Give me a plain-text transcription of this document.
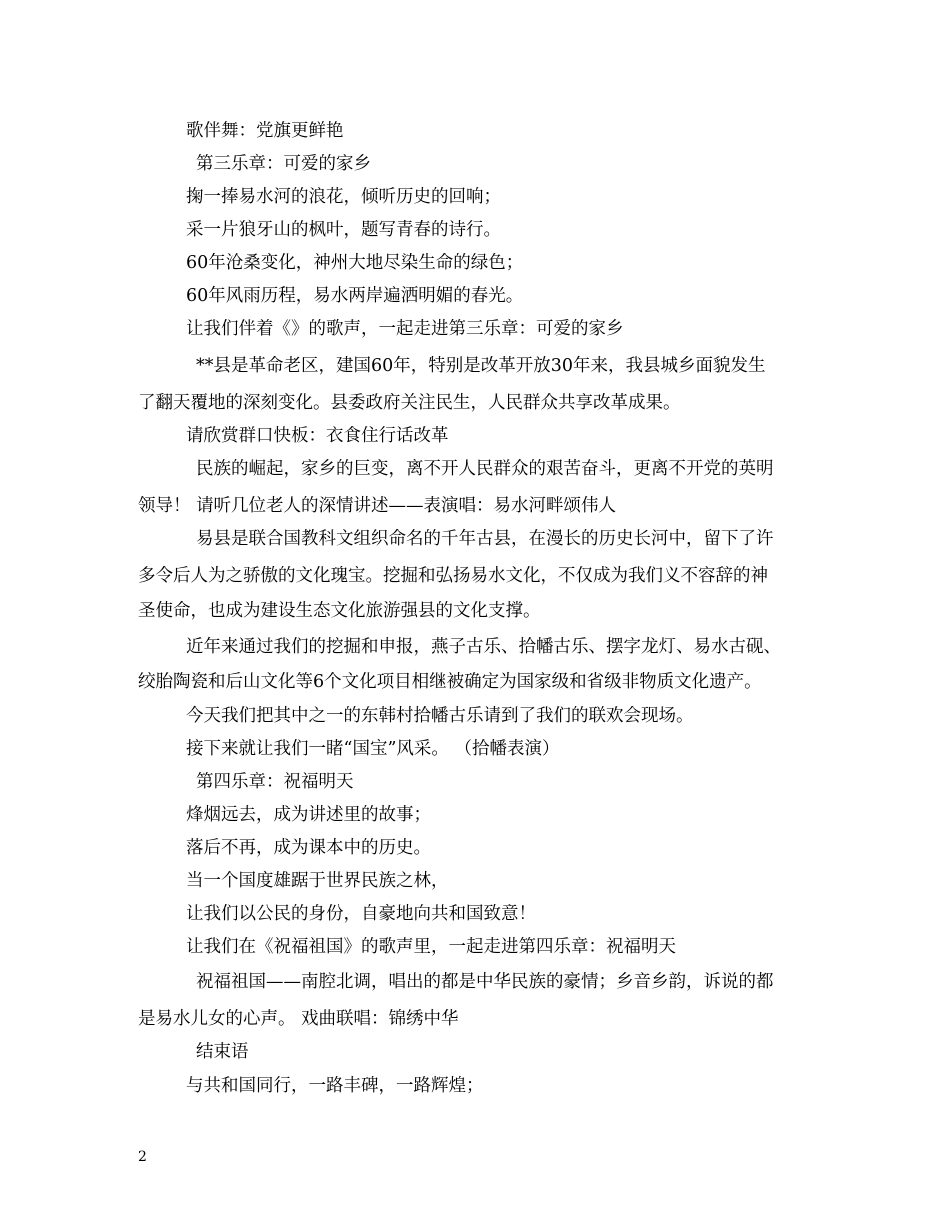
歌伴舞：党旗更鲜艳
第三乐章：可爱的家乡
掬一捧易水河的浪花，倾听历史的回响；
采一片狼牙山的枫叶，题写青春的诗行。
60年沧桑变化，神州大地尽染生命的绿色；
60年风雨历程，易水两岸遍洒明媚的春光。
让我们伴着《》的歌声，一起走进第三乐章：可爱的家乡
**县是革命老区，建国60年，特别是改革开放30年来，我县城乡面貌发生
了翻天覆地的深刻变化。县委政府关注民生，人民群众共享改革成果。
请欣赏群口快板：衣食住行话改革
民族的崛起，家乡的巨变，离不开人民群众的艰苦奋斗，更离不开党的英明
领导！ 请听几位老人的深情讲述——表演唱：易水河畔颂伟人
易县是联合国教科文组织命名的千年古县，在漫长的历史长河中，留下了许
多令后人为之骄傲的文化瑰宝。挖掘和弘扬易水文化，不仅成为我们义不容辞的神
圣使命，也成为建设生态文化旅游强县的文化支撑。
近年来通过我们的挖掘和申报，燕子古乐、拾幡古乐、摆字龙灯、易水古砚、
绞胎陶瓷和后山文化等6个文化项目相继被确定为国家级和省级非物质文化遗产。
今天我们把其中之一的东韩村拾幡古乐请到了我们的联欢会现场。
接下来就让我们一睹“国宝”风采。 （拾幡表演）
第四乐章：祝福明天
烽烟远去，成为讲述里的故事；
落后不再，成为课本中的历史。
当一个国度雄踞于世界民族之林，
让我们以公民的身份，自豪地向共和国致意！
让我们在《祝福祖国》的歌声里，一起走进第四乐章：祝福明天
祝福祖国——南腔北调，唱出的都是中华民族的豪情；乡音乡韵，诉说的都
是易水儿女的心声。 戏曲联唱：锦绣中华
结束语
与共和国同行，一路丰碑，一路辉煌；
2
